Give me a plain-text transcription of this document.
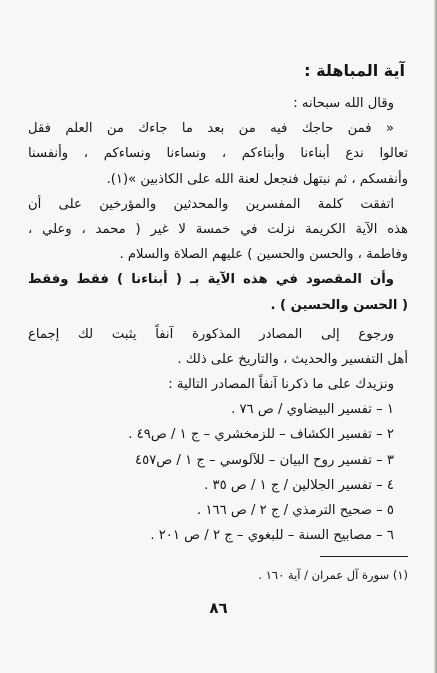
آية المباهلة :
وقال الله سبحانه :
« فمن حاجك فيه من بعد ما جاءك من العلم فقل
تعالوا ندع أبناءنا وأبناءكم ، ونساءنا ونساءكم ، وأنفسنا
وأنفسكم ، ثم نبتهل فنجعل لعنة الله على الكاذبين »(١).
اتفقت كلمة المفسرين والمحدثين والمؤرخين على أن
هذه الآية الكريمة نزلت في خمسة لا غير ( محمد ، وعلي ،
وفاطمة ، والحسن والحسين ) عليهم الصلاة والسلام .
وأن المقصود في هذه الآية بـ ( أبناءنا ) فقط وفقط
( الحسن والحسين ) .
ورجوع إلى المصادر المذكورة آنفاً يثبت لك إجماع
أهل التفسير والحديث ، والتاريخ على ذلك .
ونزيدك على ما ذكرنا آنفاً المصادر التالية :
١ – تفسير البيضاوي / ص ٧٦ .
٢ – تفسير الكشاف – للزمخشري – ج ١ / ص٤٩ .
٣ – تفسير روح البيان – للآلوسي – ج ١ / ص٤٥٧
٤ – تفسير الجلالين / ج ١ / ص ٣٥ .
٥ – صحيح الترمذي / ج ٢ / ص ١٦٦ .
٦ – مصابيح السنة – للبغوي – ج ٢ / ص ٢٠١ .
(١) سورة آل عمران / آية ١٦٠ .
٨٦
